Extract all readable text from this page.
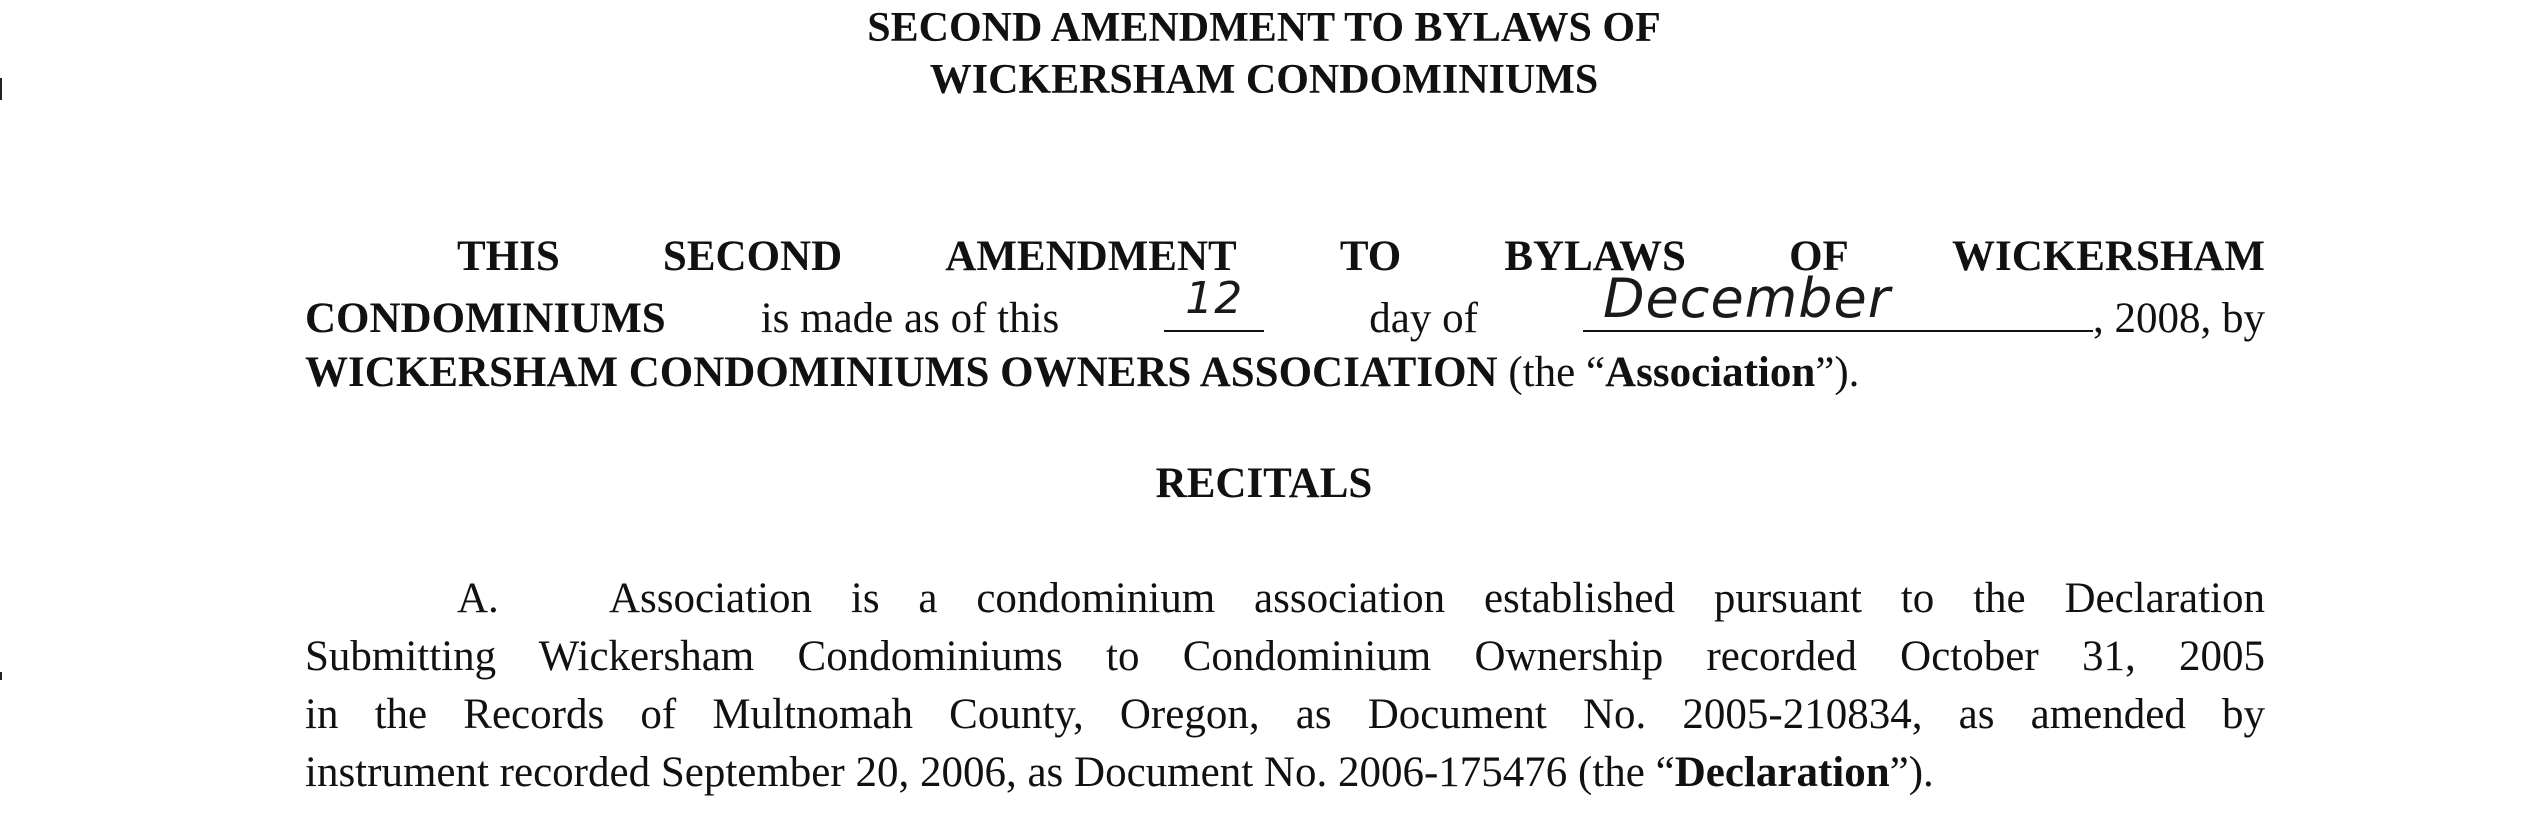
SECOND AMENDMENT TO BYLAWS OF
WICKERSHAM CONDOMINIUMS
THIS SECOND AMENDMENT TO BYLAWS OF WICKERSHAM
CONDOMINIUMS is made as of this	12	day of	December	, 2008, by
WICKERSHAM CONDOMINIUMS OWNERS ASSOCIATION (the “Association”).
RECITALS
A.	Association is a condominium association established pursuant to the Declaration
Submitting Wickersham Condominiums to Condominium Ownership recorded October 31, 2005
in the Records of Multnomah County, Oregon, as Document No. 2005-210834, as amended by
instrument recorded September 20, 2006, as Document No. 2006-175476 (the “Declaration”).
